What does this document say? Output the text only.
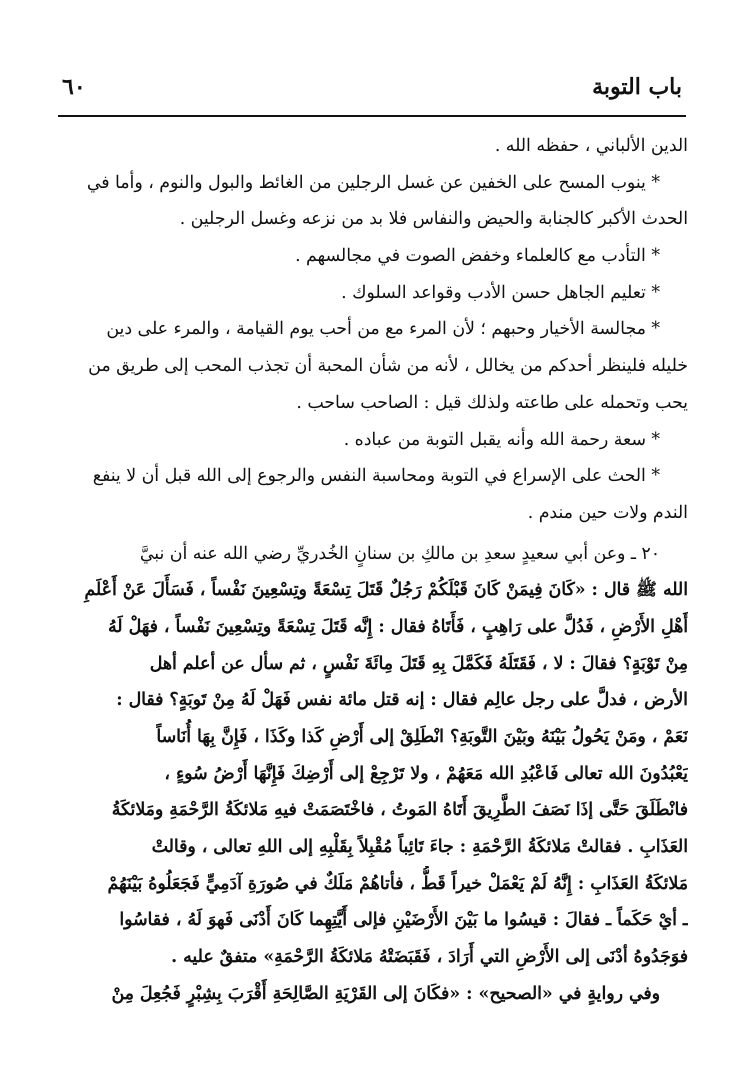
باب التوبة
٦٠
الدين الألباني ، حفظه الله .
* ينوب المسح على الخفين عن غسل الرجلين من الغائط والبول والنوم ، وأما في
الحدث الأكبر كالجنابة والحيض والنفاس فلا بد من نزعه وغسل الرجلين .
* التأدب مع كالعلماء وخفض الصوت في مجالسهم .
* تعليم الجاهل حسن الأدب وقواعد السلوك .
* مجالسة الأخيار وحبهم ؛ لأن المرء مع من أحب يوم القيامة ، والمرء على دين
خليله فلينظر أحدكم من يخالل ، لأنه من شأن المحبة أن تجذب المحب إلى طريق من
يحب وتحمله على طاعته ولذلك قيل : الصاحب ساحب .
* سعة رحمة الله وأنه يقبل التوبة من عباده .
* الحث على الإسراع في التوبة ومحاسبة النفس والرجوع إلى الله قبل أن لا ينفع
الندم ولات حين مندم .
٢٠ ـ وعن أبي سعيدٍ سعدِ بن مالكِ بن سنانٍ الخُدريِّ رضي الله عنه أن نبيَّ
الله ﷺ قال : «كَانَ فِيمَنْ كَانَ قَبْلَكُمْ رَجُلٌ قَتَلَ تِسْعَةً وتِسْعِينَ نَفْساً ، فَسَأَلَ عَنْ أَعْلَمِ
أَهْلِ الأَرْضِ ، فَدُلَّ على رَاهِبٍ ، فَأَتَاهُ فقال : إِنَّه قَتَلَ تِسْعَةً وتِسْعِينَ نَفْساً ، فهَلْ لَهُ
مِنْ تَوْبَةٍ؟ فقالَ : لا ، فَقَتَلَهُ فَكَمَّلَ بِهِ قَتَلَ مِائَةَ نَفْسٍ ، ثم سأل عن أعلم أهل
الأرض ، فدلَّ على رجل عالِم فقال : إنه قتل مائة نفس فَهَلْ لَهُ مِنْ تَوبَةٍ؟ فقال :
نَعَمْ ، ومَنْ يَحُولُ بَيْنَهُ وبَيْنَ التَّوبَةِ؟ انْطَلِقْ إلى أَرْضِ كَذا وكَذَا ، فَإِنَّ بِهَا أُنَاساً
يَعْبُدُونَ الله تعالى فَاعْبُدِ الله مَعَهُمْ ، ولا تَرْجِعْ إلى أَرْضِكَ فَإِنَّهَا أَرْضُ سُوءٍ ،
فانْطَلَقَ حَتَّى إذَا نَصَفَ الطَّرِيقَ أَتَاهُ المَوتُ ، فاخْتَصَمَتْ فيهِ مَلائكَةُ الرَّحْمَةِ ومَلائكَةُ
العَذَابِ . فقالتْ مَلائكَةُ الرَّحْمَةِ : جاءَ تَائِباً مُقْبِلاً بِقَلْبِهِ إلى اللهِ تعالى ، وقالتْ
مَلائكَةُ العَذَابِ : إِنَّهُ لَمْ يَعْمَلْ خيراً قَطُّ ، فأتاهُمْ مَلَكٌ في صُورَةِ آدَمِيٍّ فَجَعَلُوهُ بَيْنَهُمْ
ـ أيْ حَكَماً ـ فقالَ : قيسُوا ما بَيْنَ الأَرْضَيْنِ فإلى أَيَّتِهِما كَانَ أَدْنَى فَهوَ لَهُ ، فقاسُوا
فوَجَدُوهُ أدْنَى إلى الأَرْضِ التي أَرَادَ ، فَقَبَضَتْهُ مَلائكَةُ الرَّحْمَةِ» متفقٌ عليه .
وفي روايةٍ في «الصحيح» : «فكَانَ إلى القَرْيَةِ الصَّالِحَةِ أَقْرَبَ بِشِبْرٍ فَجُعِلَ مِنْ
